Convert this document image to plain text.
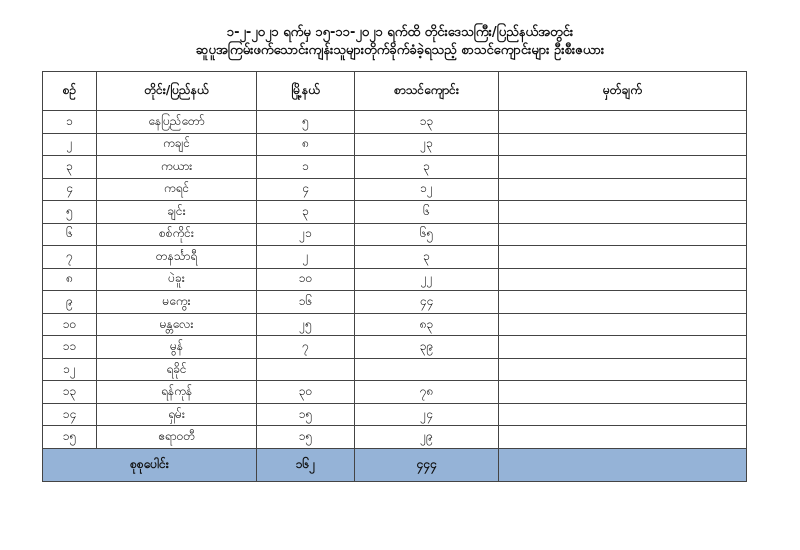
၁-၂-၂၀၂၁ ရက်မှ ၁၅-၁၁-၂၀၂၁ ရက်ထိ တိုင်းဒေသကြီး/ပြည်နယ်အတွင်း
ဆူပူအကြမ်းဖက်သောင်းကျန်းသူများတိုက်ခိုက်ခံခဲ့ရသည့် စာသင်ကျောင်းများ ဦးစီးဇယား
စဉ်	တိုင်း/ပြည်နယ်	မြို့နယ်	စာသင်ကျောင်း	မှတ်ချက်
၁	နေပြည်တော်	၅	၁၃	
၂	ကချင်	၈	၂၃	
၃	ကယား	၁	၃	
၄	ကရင်	၄	၁၂	
၅	ချင်း	၃	၆	
၆	စစ်ကိုင်း	၂၁	၆၅	
၇	တနင်္သာရီ	၂	၃	
၈	ပဲခူး	၁၀	၂၂	
၉	မကွေး	၁၆	၄၄	
၁၀	မန္တလေး	၂၅	၈၃	
၁၁	မွန်	၇	၃၉	
၁၂	ရခိုင်			
၁၃	ရန်ကုန်	၃၀	၇၈	
၁၄	ရှမ်း	၁၅	၂၄	
၁၅	ဧရာဝတီ	၁၅	၂၉	
စုစုပေါင်း		၁၆၂	၄၄၄	
